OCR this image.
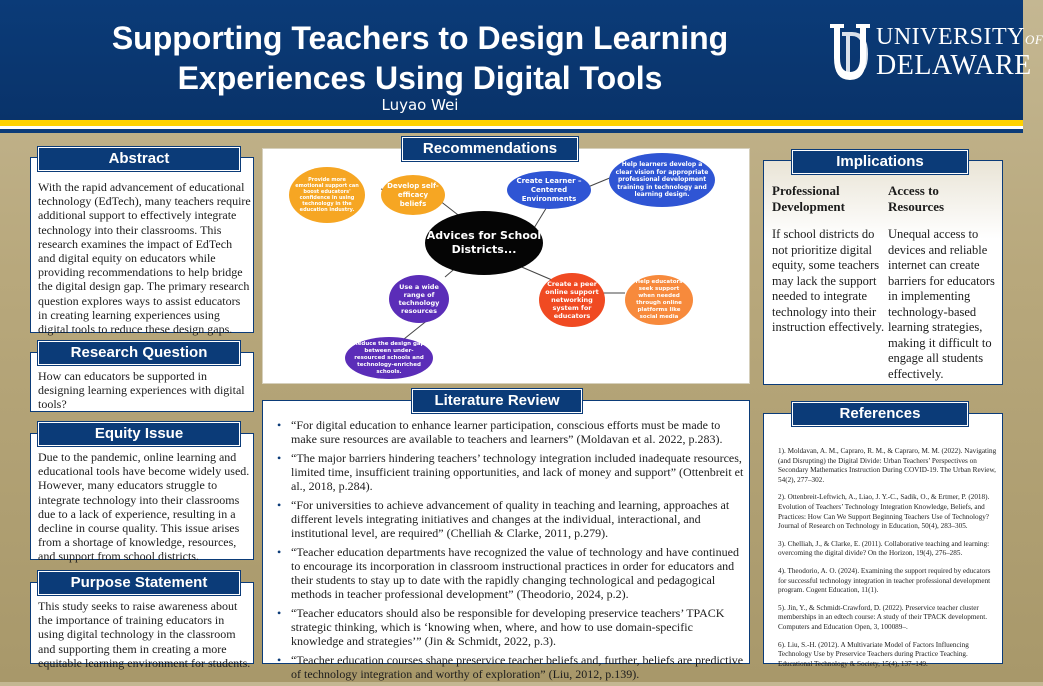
Supporting Teachers to Design Learning Experiences Using Digital Tools
Luyao Wei
UNIVERSITYOF
DELAWARE
With the rapid advancement of educational technology (EdTech), many teachers require additional support to effectively integrate technology into their classrooms. This research examines the impact of EdTech and digital equity on educators while providing recommendations to help bridge the digital design gap. The primary research question explores ways to assist educators in creating learning experiences using digital tools to reduce these design gaps.
Abstract
How can educators be supported in designing learning experiences with digital tools?
Research Question
Due to the pandemic, online learning and educational tools have become widely used. However, many educators struggle to integrate technology into their classrooms due to a lack of experience, resulting in a decline in course quality. This issue arises from a shortage of knowledge, resources, and support from school districts.
Equity Issue
This study seeks to raise awareness about the importance of training educators in using digital technology in the classroom and supporting them in creating a more equitable learning environment for students.
Purpose Statement
Advices for School Districts...
Provide more emotional support can boost educators' confidence in using technology in the education industry.
Develop self-efficacy beliefs
Create Learner – Centered Environments
Help learners develop a clear vision for appropriate professional development training in technology and learning design.
Use a wide range of technology resources
Reduce the design gap between under-resourced schools and technology-enriched schools.
Create a peer online support networking system for educators
Help educators seek support when needed through online platforms like social media
Recommendations
• “For digital education to enhance learner participation, conscious efforts must be made to make sure resources are available to teachers and learners” (Moldavan et al. 2022, p.283).
• “The major barriers hindering teachers’ technology integration included inadequate resources, limited time, insufficient training opportunities, and lack of money and support” (Ottenbreit et al., 2018, p.284).
• “For universities to achieve advancement of quality in teaching and learning, approaches at different levels integrating initiatives and changes at the individual, interactional, and institutional level, are required” (Chelliah & Clarke, 2011, p.279).
• “Teacher education departments have recognized the value of technology and have continued to encourage its incorporation in classroom instructional practices in order for educators and their students to stay up to date with the rapidly changing technological and pedagogical methods in teacher professional development” (Theodorio, 2024, p.2).
• “Teacher educators should also be responsible for developing preservice teachers’ TPACK strategic thinking, which is ‘knowing when, where, and how to use domain-specific knowledge and strategies’” (Jin & Schmidt, 2022, p.3).
• “Teacher education courses shape preservice teacher beliefs and, further, beliefs are predictive of technology integration and worthy of exploration” (Liu, 2012, p.139).
Literature Review
Professional Development
If school districts do not prioritize digital equity, some teachers may lack the support needed to integrate technology into their instruction effectively.
Access to Resources
Unequal access to devices and reliable internet can create barriers for educators in implementing technology-based learning strategies, making it difficult to engage all students effectively.
Implications
1). Moldavan, A. M., Capraro, R. M., & Capraro, M. M. (2022). Navigating (and Disrupting) the Digital Divide: Urban Teachers’ Perspectives on Secondary Mathematics Instruction During COVID-19. The Urban Review, 54(2), 277–302.
2). Ottenbreit-Leftwich, A., Liao, J. Y.-C., Sadik, O., & Ertmer, P. (2018). Evolution of Teachers’ Technology Integration Knowledge, Beliefs, and Practices: How Can We Support Beginning Teachers Use of Technology? Journal of Research on Technology in Education, 50(4), 283–305.
3). Chelliah, J., & Clarke, E. (2011). Collaborative teaching and learning: overcoming the digital divide? On the Horizon, 19(4), 276–285.
4). Theodorio, A. O. (2024). Examining the support required by educators for successful technology integration in teacher professional development program. Cogent Education, 11(1).
5). Jin, Y., & Schmidt-Crawford, D. (2022). Preservice teacher cluster memberships in an edtech course: A study of their TPACK development. Computers and Education Open, 3, 100089–.
6). Liu, S.-H. (2012). A Multivariate Model of Factors Influencing Technology Use by Preservice Teachers during Practice Teaching. Educational Technology & Society, 15(4), 137–149.
References
